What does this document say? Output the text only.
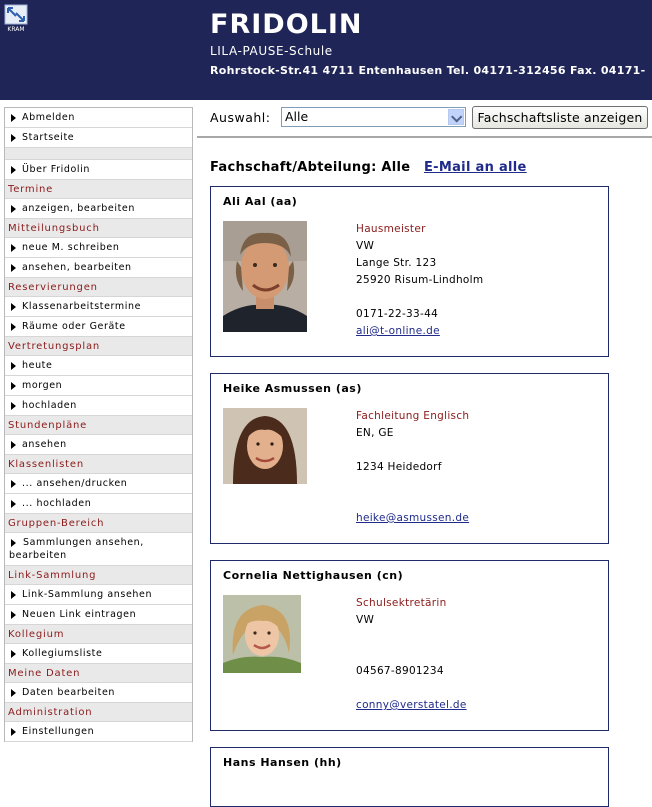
KRAM	FRIDOLIN
LILA-PAUSE-Schule
Rohrstock-Str.41 4711 Entenhausen Tel. 04171-312456 Fax. 04171-
Abmelden
Startseite
Über Fridolin
Termine
anzeigen, bearbeiten
Mitteilungsbuch
neue M. schreiben
ansehen, bearbeiten
Reservierungen
Klassenarbeitstermine
Räume oder Geräte
Vertretungsplan
heute
morgen
hochladen
Stundenpläne
ansehen
Klassenlisten
... ansehen/drucken
... hochladen
Gruppen-Bereich
Sammlungen ansehen, bearbeiten
Link-Sammlung
Link-Sammlung ansehen
Neuen Link eintragen
Kollegium
Kollegiumsliste
Meine Daten
Daten bearbeiten
Administration
Einstellungen
Auswahl:	Alle	Fachschaftsliste anzeigen
Fachschaft/Abteilung: Alle E-Mail an alle
Ali Aal (aa)
Hausmeister
VW
Lange Str. 123
25920 Risum-Lindholm
0171-22-33-44
ali@t-online.de
Heike Asmussen (as)
Fachleitung Englisch
EN, GE
1234 Heidedorf
heike@asmussen.de
Cornelia Nettighausen (cn)
Schulsektretärin
VW
04567-8901234
conny@verstatel.de
Hans Hansen (hh)
